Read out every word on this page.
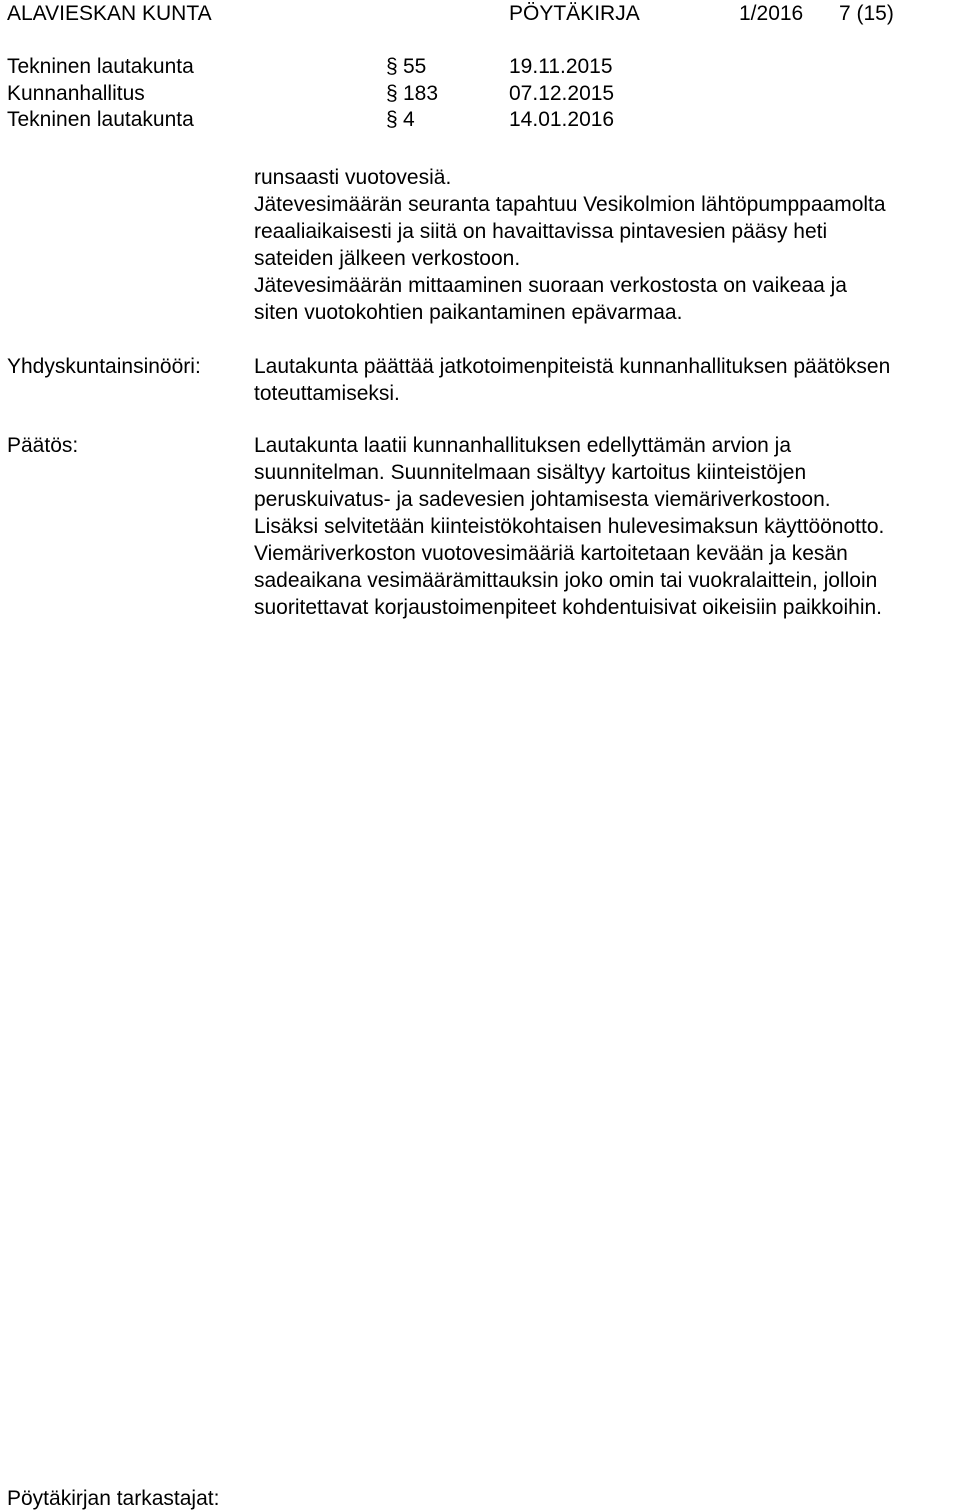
ALAVIESKAN KUNTA	PÖYTÄKIRJA	1/2016 7 (15)
Tekninen lautakunta	§ 55	19.11.2015
Kunnanhallitus	§ 183	07.12.2015
Tekninen lautakunta	§ 4	14.01.2016
runsaasti vuotovesiä.
Jätevesimäärän seuranta tapahtuu Vesikolmion lähtöpumppaamolta
reaaliaikaisesti ja siitä on havaittavissa pintavesien pääsy heti
sateiden jälkeen verkostoon.
Jätevesimäärän mittaaminen suoraan verkostosta on vaikeaa ja
siten vuotokohtien paikantaminen epävarmaa.
Yhdyskuntainsinööri:	Lautakunta päättää jatkotoimenpiteistä kunnanhallituksen päätöksen
toteuttamiseksi.
Päätös:	Lautakunta laatii kunnanhallituksen edellyttämän arvion ja
suunnitelman. Suunnitelmaan sisältyy kartoitus kiinteistöjen
peruskuivatus- ja sadevesien johtamisesta viemäriverkostoon.
Lisäksi selvitetään kiinteistökohtaisen hulevesimaksun käyttöönotto.
Viemäriverkoston vuotovesimääriä kartoitetaan kevään ja kesän
sadeaikana vesimäärämittauksin joko omin tai vuokralaittein, jolloin
suoritettavat korjaustoimenpiteet kohdentuisivat oikeisiin paikkoihin.
Pöytäkirjan tarkastajat:
